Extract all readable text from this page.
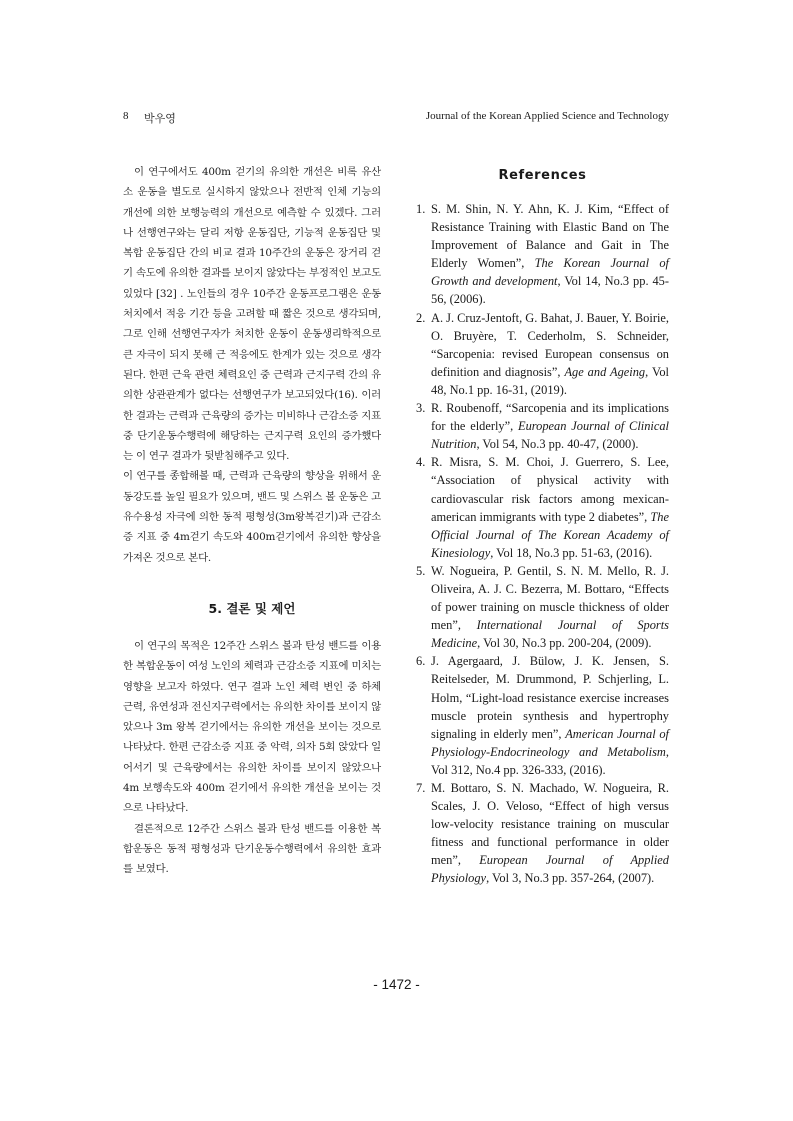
8 박우영	Journal of the Korean Applied Science and Technology

이 연구에서도 400m 걷기의 유의한 개선은 비록 유산소 운동을 별도로 실시하지 않았으나 전반적 인체 기능의 개선에 의한 보행능력의 개선으로 예측할 수 있겠다. 그러나 선행연구와는 달리 저항 운동집단, 기능적 운동집단 및 복합 운동집단 간의 비교 결과 10주간의 운동은 장거리 걷기 속도에 유의한 결과를 보이지 않았다는 부정적인 보고도 있었다 [32] . 노인들의 경우 10주간 운동프로그램은 운동 처치에서 적응 기간 등을 고려할 때 짧은 것으로 생각되며, 그로 인해 선행연구자가 처치한 운동이 운동생리학적으로 큰 자극이 되지 못해 근 적응에도 한계가 있는 것으로 생각된다. 한편 근육 관련 체력요인 중 근력과 근지구력 간의 유의한 상관관계가 없다는 선행연구가 보고되었다(16). 이러한 결과는 근력과 근육량의 증가는 미비하나 근감소증 지표 중 단기운동수행력에 해당하는 근지구력 요인의 증가했다는 이 연구 결과가 뒷받침해주고 있다.

이 연구를 종합해볼 때, 근력과 근육량의 향상을 위해서 운동강도를 높일 필요가 있으며, 밴드 및 스위스 볼 운동은 고유수용성 자극에 의한 동적 평형성(3m왕복걷기)과 근감소증 지표 중 4m걷기 속도와 400m걷기에서 유의한 향상을 가져온 것으로 본다.

5. 결론 및 제언

이 연구의 목적은 12주간 스위스 볼과 탄성 밴드를 이용한 복합운동이 여성 노인의 체력과 근감소증 지표에 미치는 영향을 보고자 하였다. 연구 결과 노인 체력 변인 중 하체 근력, 유연성과 전신지구력에서는 유의한 차이를 보이지 않았으나 3m 왕복 걷기에서는 유의한 개선을 보이는 것으로 나타났다. 한편 근감소증 지표 중 악력, 의자 5회 앉았다 일어서기 및 근육량에서는 유의한 차이를 보이지 않았으나 4m 보행속도와 400m 걷기에서 유의한 개선을 보이는 것으로 나타났다.

결론적으로 12주간 스위스 볼과 탄성 밴드를 이용한 복합운동은 동적 평형성과 단기운동수행력에서 유의한 효과를 보였다.

References
1. S. M. Shin, N. Y. Ahn, K. J. Kim, “Effect of Resistance Training with Elastic Band on The Improvement of Balance and Gait in The Elderly Women”, The Korean Journal of Growth and development, Vol 14, No.3 pp. 45-56, (2006).
2. A. J. Cruz-Jentoft, G. Bahat, J. Bauer, Y. Boirie, O. Bruyère, T. Cederholm, S. Schneider, “Sarcopenia: revised European consensus on definition and diagnosis”, Age and Ageing, Vol 48, No.1 pp. 16-31, (2019).
3. R. Roubenoff, “Sarcopenia and its implications for the elderly”, European Journal of Clinical Nutrition, Vol 54, No.3 pp. 40-47, (2000).
4. R. Misra, S. M. Choi, J. Guerrero, S. Lee, “Association of physical activity with cardiovascular risk factors among mexican-american immigrants with type 2 diabetes”, The Official Journal of The Korean Academy of Kinesiology, Vol 18, No.3 pp. 51-63, (2016).
5. W. Nogueira, P. Gentil, S. N. M. Mello, R. J. Oliveira, A. J. C. Bezerra, M. Bottaro, “Effects of power training on muscle thickness of older men”, International Journal of Sports Medicine, Vol 30, No.3 pp. 200-204, (2009).
6. J. Agergaard, J. Bülow, J. K. Jensen, S. Reitelseder, M. Drummond, P. Schjerling, L. Holm, “Light-load resistance exercise increases muscle protein synthesis and hypertrophy signaling in elderly men”, American Journal of Physiology-Endocrineology and Metabolism, Vol 312, No.4 pp. 326-333, (2016).
7. M. Bottaro, S. N. Machado, W. Nogueira, R. Scales, J. O. Veloso, “Effect of high versus low-velocity resistance training on muscular fitness and functional performance in older men”, European Journal of Applied Physiology, Vol 3, No.3 pp. 357-264, (2007).
- 1472 -
